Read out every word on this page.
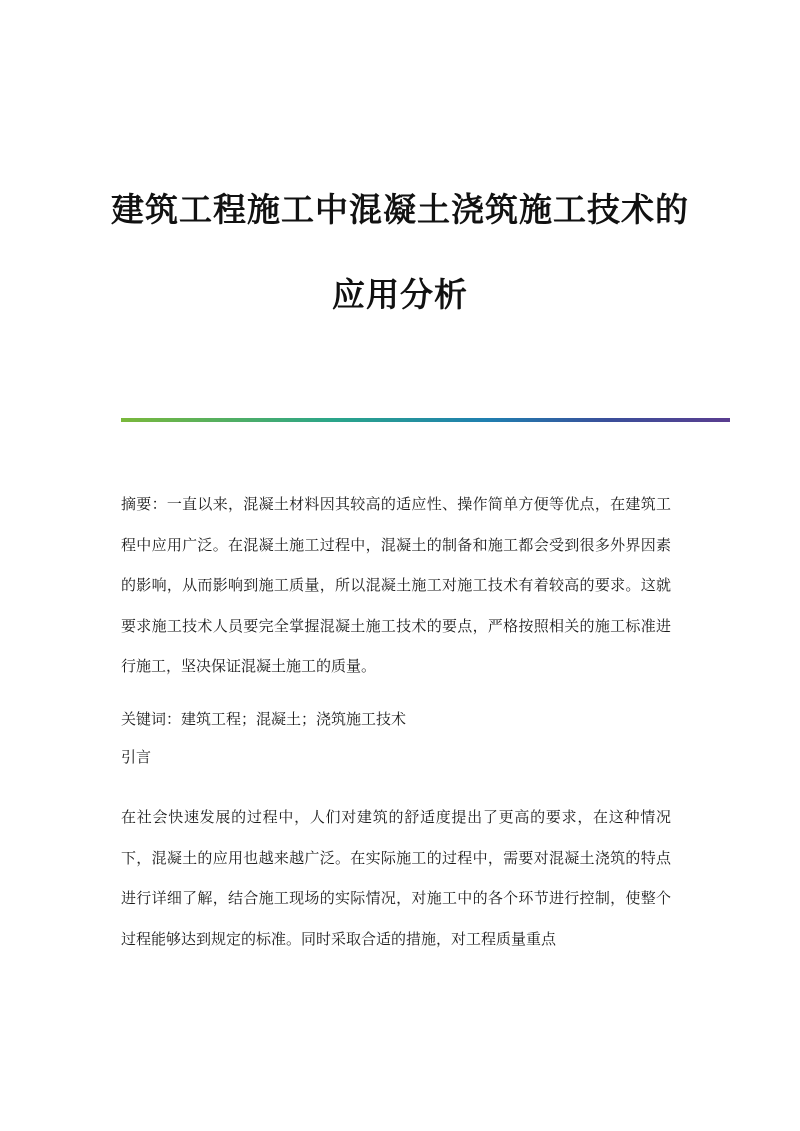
建筑工程施工中混凝土浇筑施工技术的
应用分析

摘要：一直以来，混凝土材料因其较高的适应性、操作简单方便等优点，在建筑工程中应用广泛。在混凝土施工过程中，混凝土的制备和施工都会受到很多外界因素的影响，从而影响到施工质量，所以混凝土施工对施工技术有着较高的要求。这就要求施工技术人员要完全掌握混凝土施工技术的要点，严格按照相关的施工标准进行施工，坚决保证混凝土施工的质量。

关键词：建筑工程；混凝土；浇筑施工技术

引言

在社会快速发展的过程中，人们对建筑的舒适度提出了更高的要求，在这种情况下，混凝土的应用也越来越广泛。在实际施工的过程中，需要对混凝土浇筑的特点进行详细了解，结合施工现场的实际情况，对施工中的各个环节进行控制，使整个过程能够达到规定的标准。同时采取合适的措施，对工程质量重点
